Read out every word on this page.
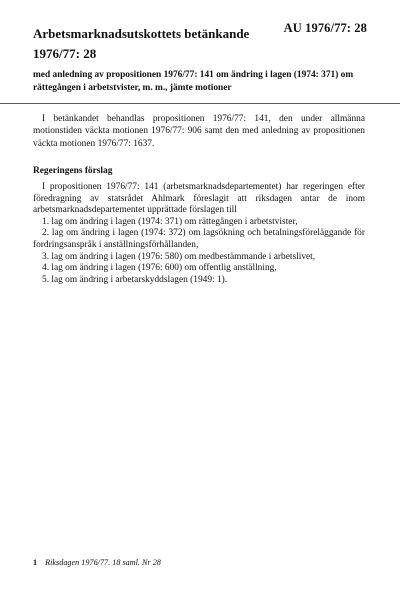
AU 1976/77: 28
Arbetsmarknadsutskottets betänkande
1976/77: 28
med anledning av propositionen 1976/77: 141 om ändring i lagen (1974: 371) om rättegången i arbetstvister, m. m., jämte motioner
I betänkandet behandlas propositionen 1976/77: 141, den under allmänna motionstiden väckta motionen 1976/77: 906 samt den med anledning av propositionen väckta motionen 1976/77: 1637.
Regeringens förslag

I propositionen 1976/77: 141 (arbetsmarknadsdepartementet) har regeringen efter föredragning av statsrådet Ahlmark föreslagit att riksdagen antar de inom arbetsmarknadsdepartementet upprättade förslagen till

1. lag om ändring i lagen (1974: 371) om rättegången i arbetstvister,

2. lag om ändring i lagen (1974: 372) om lagsökning och betalningsföreläggande för fordringsanspråk i anställningsförhållanden,

3. lag om ändring i lagen (1976: 580) om medbestämmande i arbetslivet,

4. lag om ändring i lagen (1976: 600) om offentlig anställning,

5. lag om ändring i arbetarskyddslagen (1949: 1).

1 Riksdagen 1976/77. 18 saml. Nr 28
